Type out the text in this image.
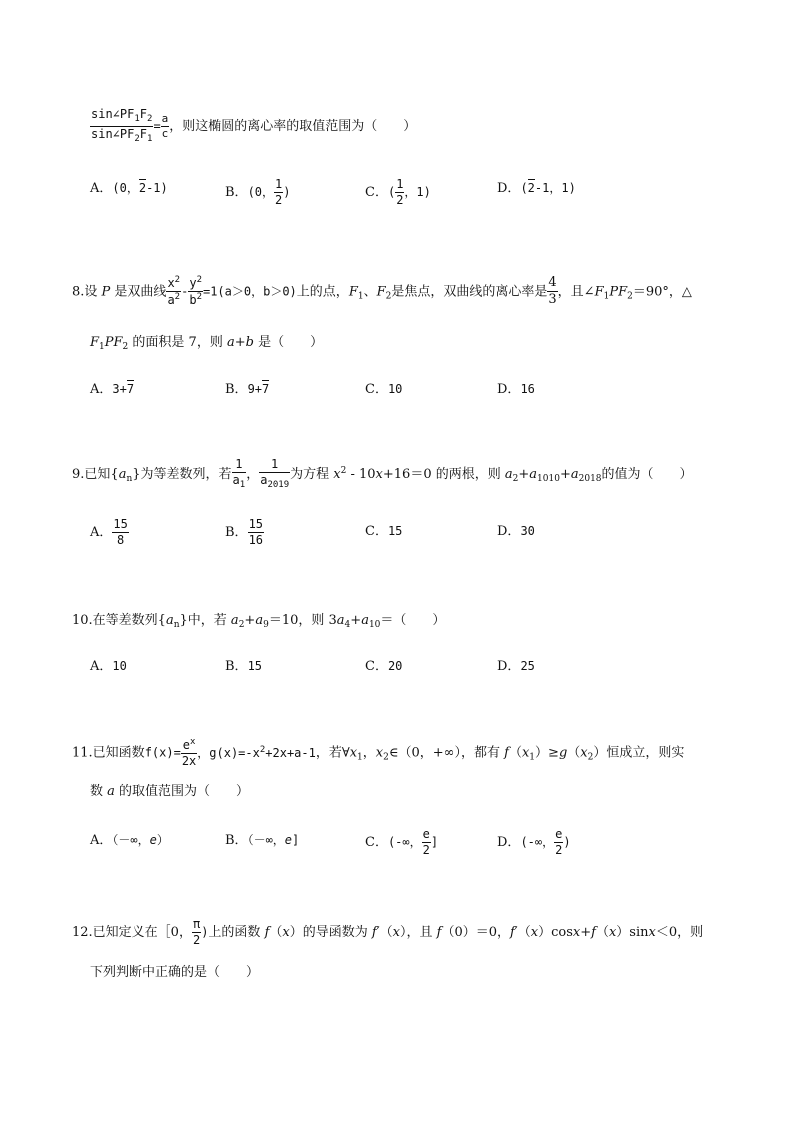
$\frac{\sin\angle PF_1F_2}{\sin\angle PF_2F_1} = \frac{a}{c}$ ，则这椭圆的离心率的取值范围为（　　）
A．(0，2-1)	B．(0， $\frac{1}{2}$ )	C．( $\frac{1}{2}$ ，1)	D．(2-1，1)
8.设 P 是双曲线 $\frac{x^2}{a^2} - \frac{y^2}{b^2} =1(a>0$，b＞0)上的点，$F_1$、$F_2$是焦点，双曲线的离心率是 $\frac{4}{3}$ ，且$\angle F_1PF_2=90^\circ$，△
$F_1PF_2$ 的面积是 7，则 a+b 是（　　）
A．3+7	B．9+7	C．10	D．16
9.已知$\{a_n\}$为等差数列，若 $\frac{1}{a_1}$ ， $\frac{1}{a_{2019}}$ 为方程 $x^2 - 10x+16=0$ 的两根，则 $a_2+a_{1010}+a_{2018}$的值为（　　）
A． $\frac{15}{8}$	B． $\frac{15}{16}$	C．15	D．30
10.在等差数列$\{a_n\}$中，若 $a_2+a_9=10$，则 $3a_4+a_{10}=$（　　）
A．10	B．15	C．20	D．25
11.已知函数$f(x)= \frac{e^x}{2x}$ ，$g(x)=-x^2+2x+a-1$，若$\forall x_1$，$x_2\in(0$，+∞），都有 $f(x_1)\ge g(x_2)$恒成立，则实
数 a 的取值范围为（　　）
A．（－∞，e）	B．（－∞，e]	C．(-∞， $\frac{e}{2}$ ]	D．(-∞， $\frac{e}{2}$ )
12.已知定义在［0， $\frac{\pi}{2}$ )上的函数 f（x）的导函数为 f′（x），且 f（0）＝0，f′（x）cosx+f（x）sinx＜0，则
下列判断中正确的是（　　）
